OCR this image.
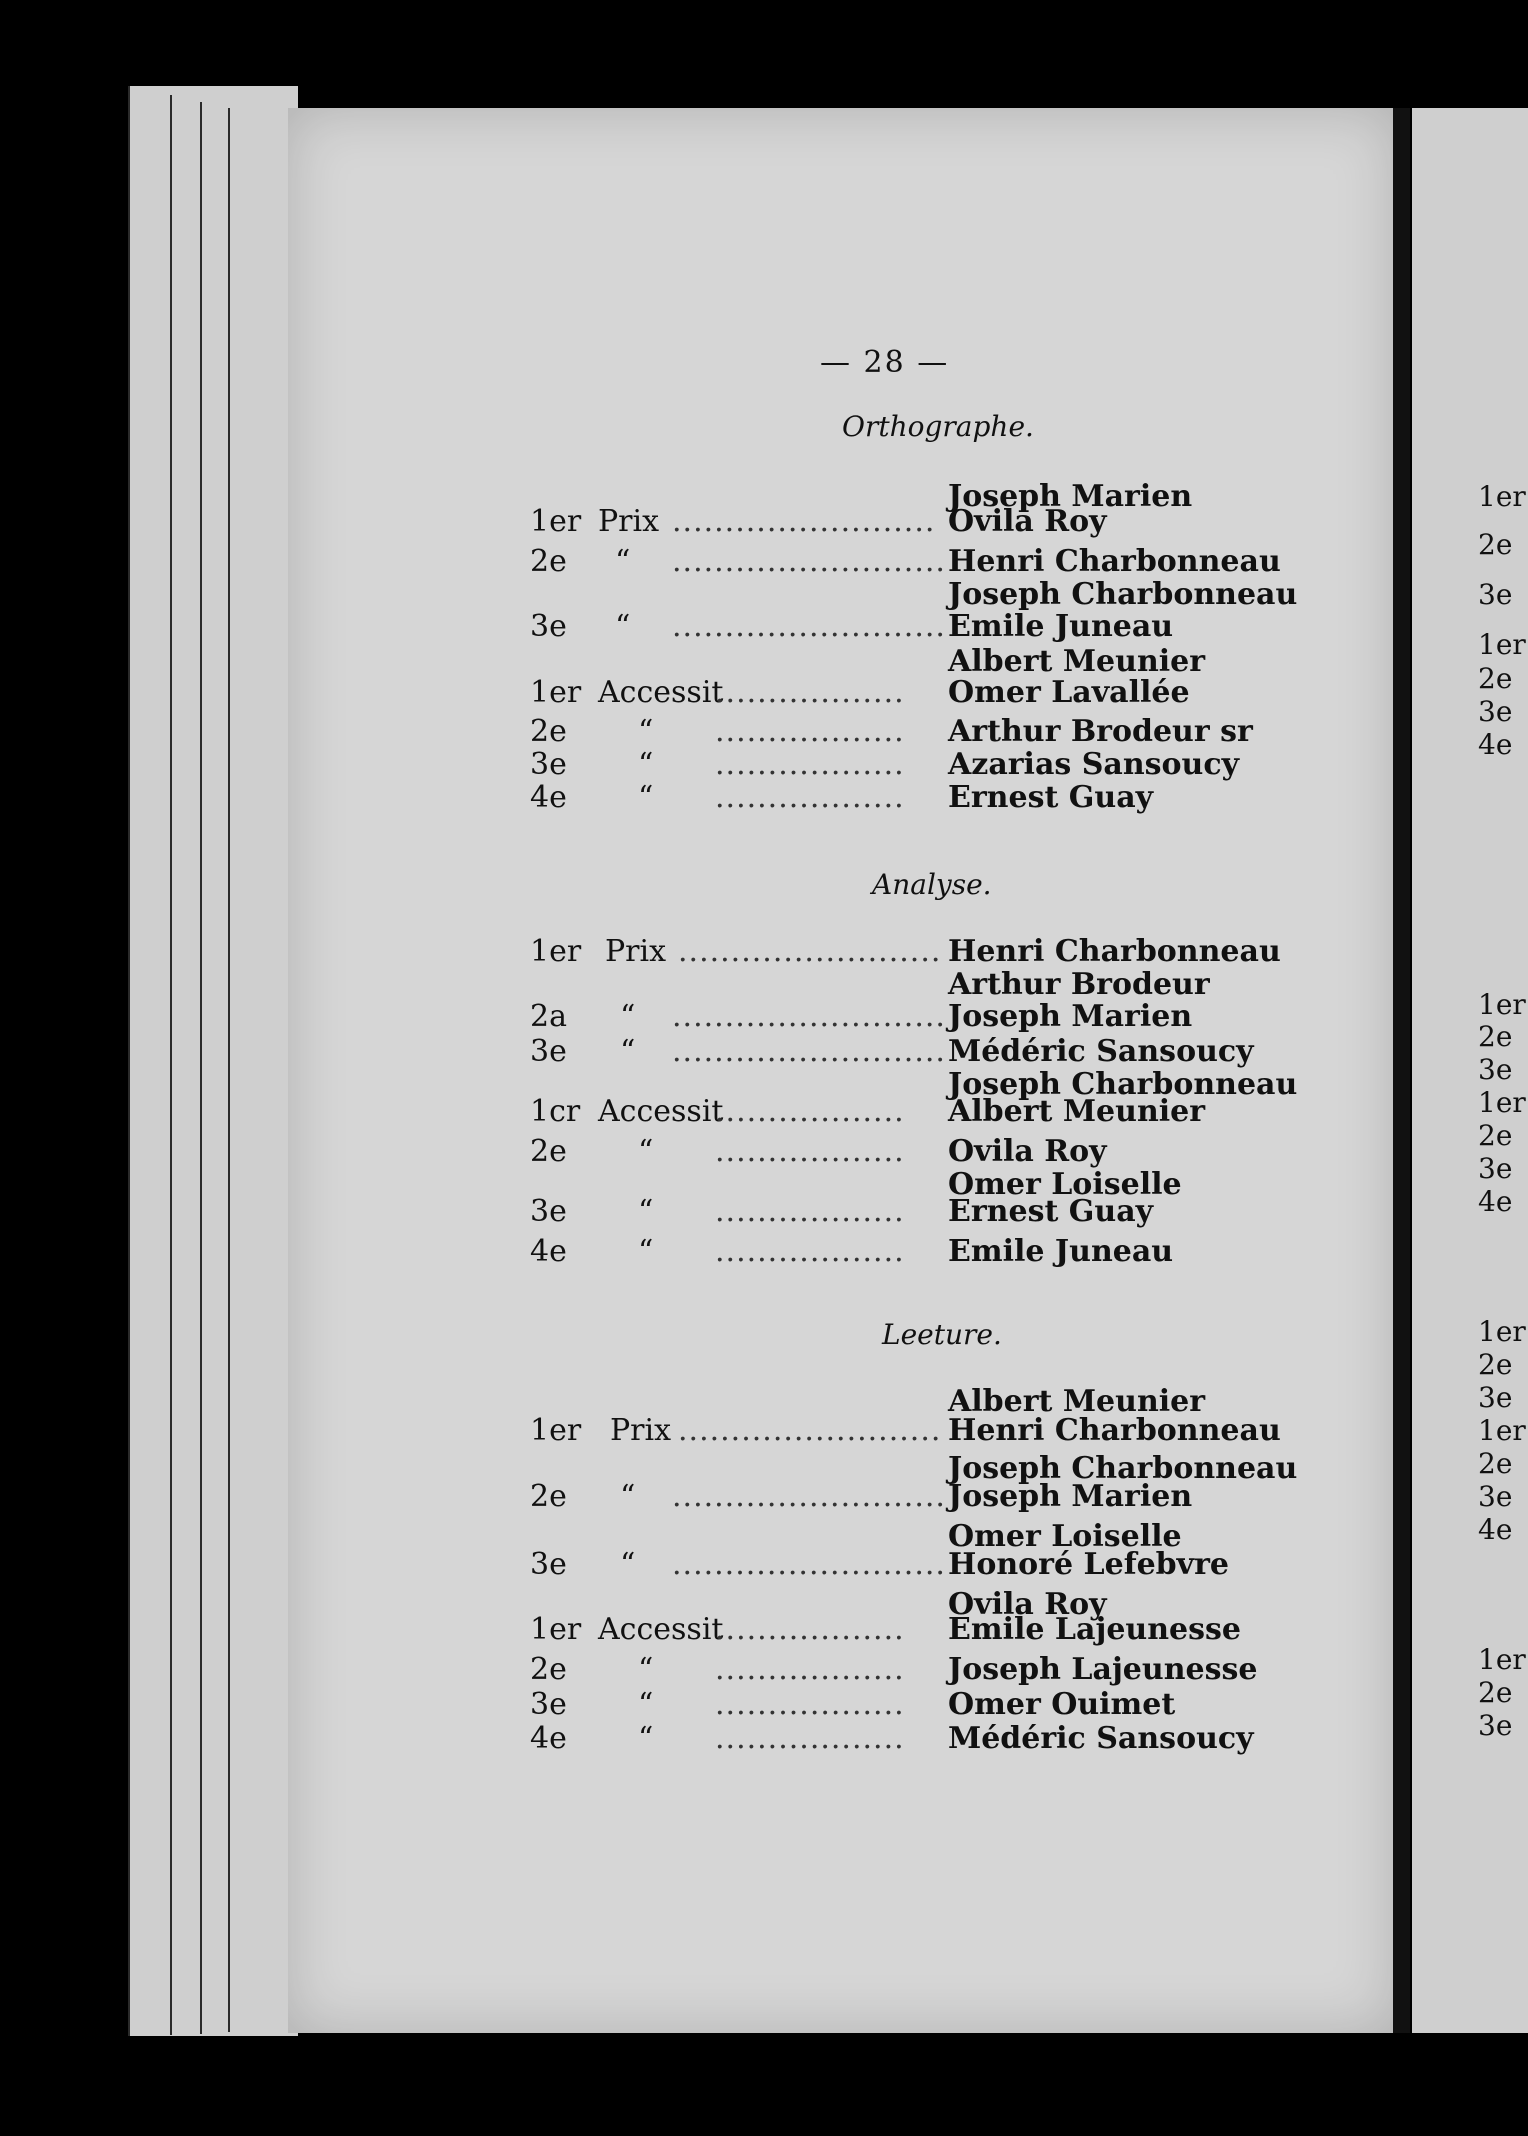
— 28 —
Orthographe.
Joseph Marien
1er Prix ......................... Ovila Roy
2e “ .......................... Henri Charbonneau
Joseph Charbonneau
3e “ .......................... Emile Juneau
Albert Meunier
1er Accessit
.................. Omer Lavallée
2e “ .................. Arthur Brodeur sr
3e “ .................. Azarias Sansoucy
4e “ .................. Ernest Guay
Analyse.
1er Prix ......................... Henri Charbonneau
Arthur Brodeur
2a “ .......................... Joseph Marien
3e “ .......................... Médéric Sansoucy
Joseph Charbonneau
1cr Accessit
.................. Albert Meunier
2e “ .................. Ovila Roy
Omer Loiselle
3e “ .................. Ernest Guay
4e “ .................. Emile Juneau
Leeture.
Albert Meunier
1er Prix ......................... Henri Charbonneau
Joseph Charbonneau
2e “ .......................... Joseph Marien
Omer Loiselle
3e “ .......................... Honoré Lefebvre
Ovila Roy
1er Accessit
.................. Emile Lajeunesse
2e “ .................. Joseph Lajeunesse
3e “ .................. Omer Ouimet
4e “ .................. Médéric Sansoucy
1er
2e
3e
1er
2e
3e
4e
1er
2e
3e
1er
2e
3e
4e
1er
2e
3e
1er
2e
3e
4e
1er
2e
3e
